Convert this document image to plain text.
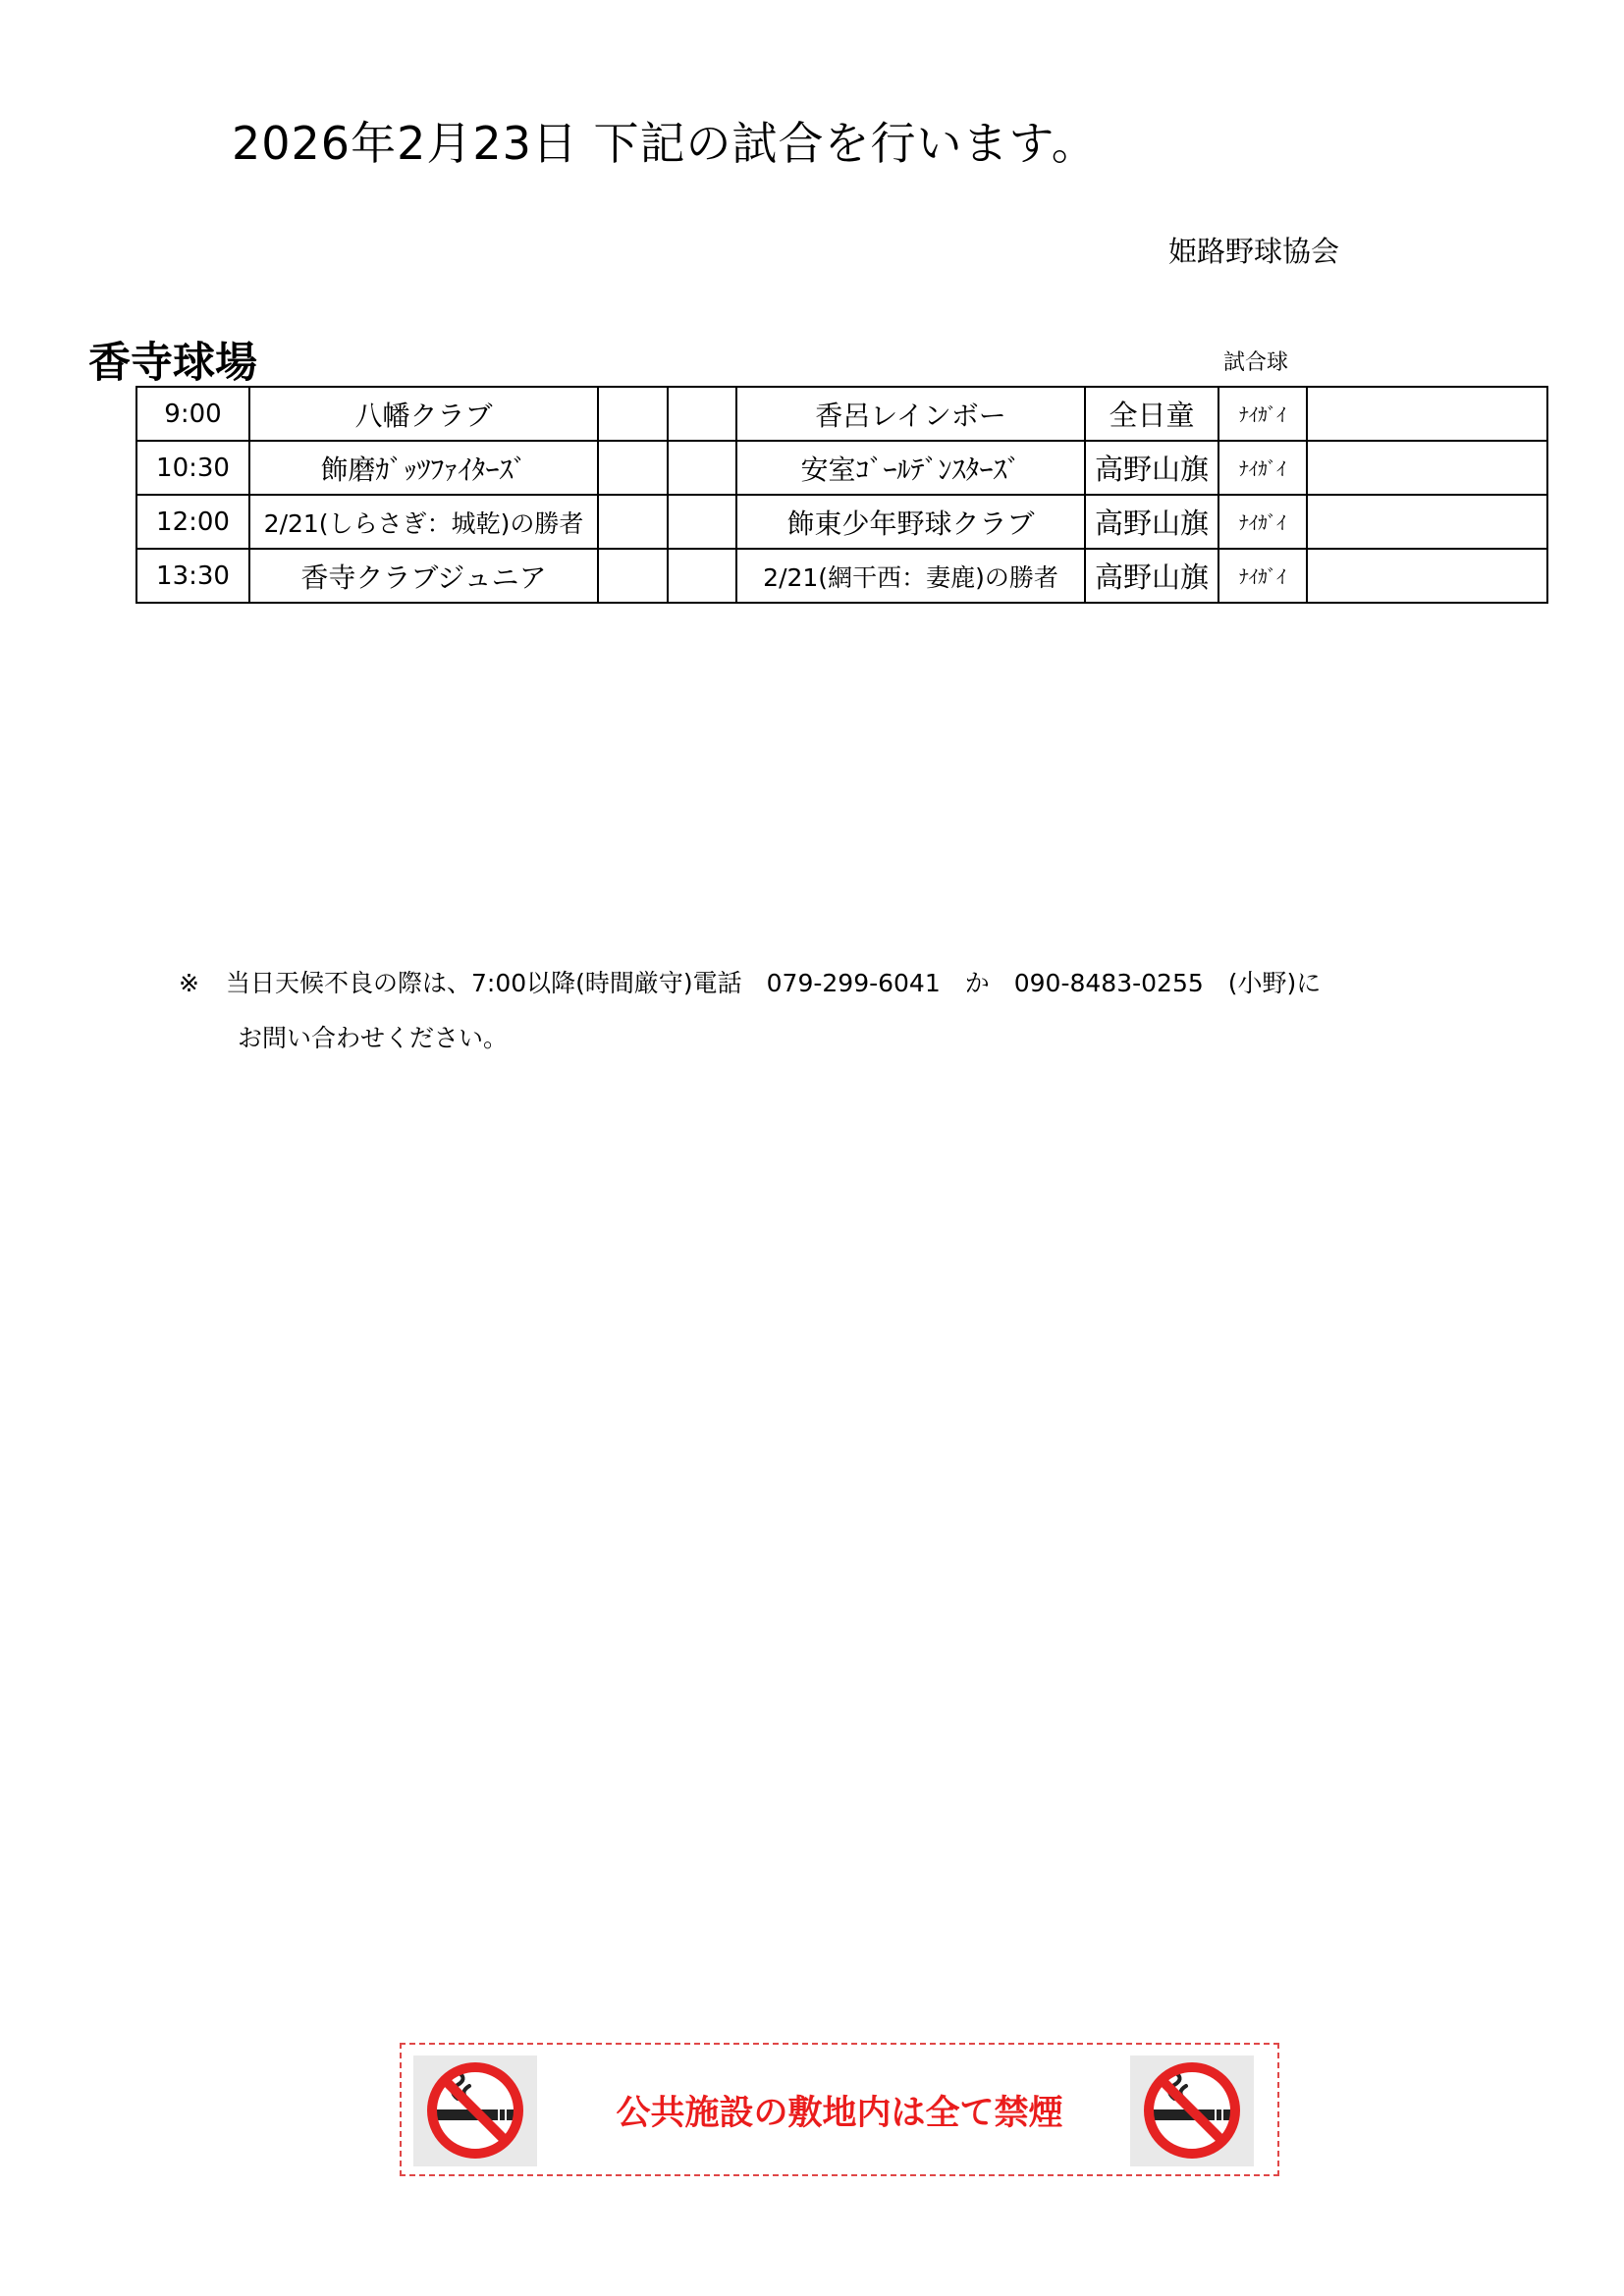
2026年2月23日 下記の試合を行います。
姫路野球協会
香寺球場	試合球
9:00	八幡クラブ			香呂レインボー	全日童	ﾅｲｶﾞｲ	
10:30	飾磨ｶﾞｯﾂﾌｧｲﾀｰｽﾞ			安室ｺﾞｰﾙﾃﾞﾝｽﾀｰｽﾞ	高野山旗	ﾅｲｶﾞｲ	
12:00	2/21(しらさぎ：城乾)の勝者			飾東少年野球クラブ	高野山旗	ﾅｲｶﾞｲ	
13:30	香寺クラブジュニア			2/21(網干西：妻鹿)の勝者	高野山旗	ﾅｲｶﾞｲ	
※ 当日天候不良の際は、7:00以降(時間厳守)電話　079-299-6041　か　090-8483-0255　(小野)に
お問い合わせください。
公共施設の敷地内は全て禁煙
